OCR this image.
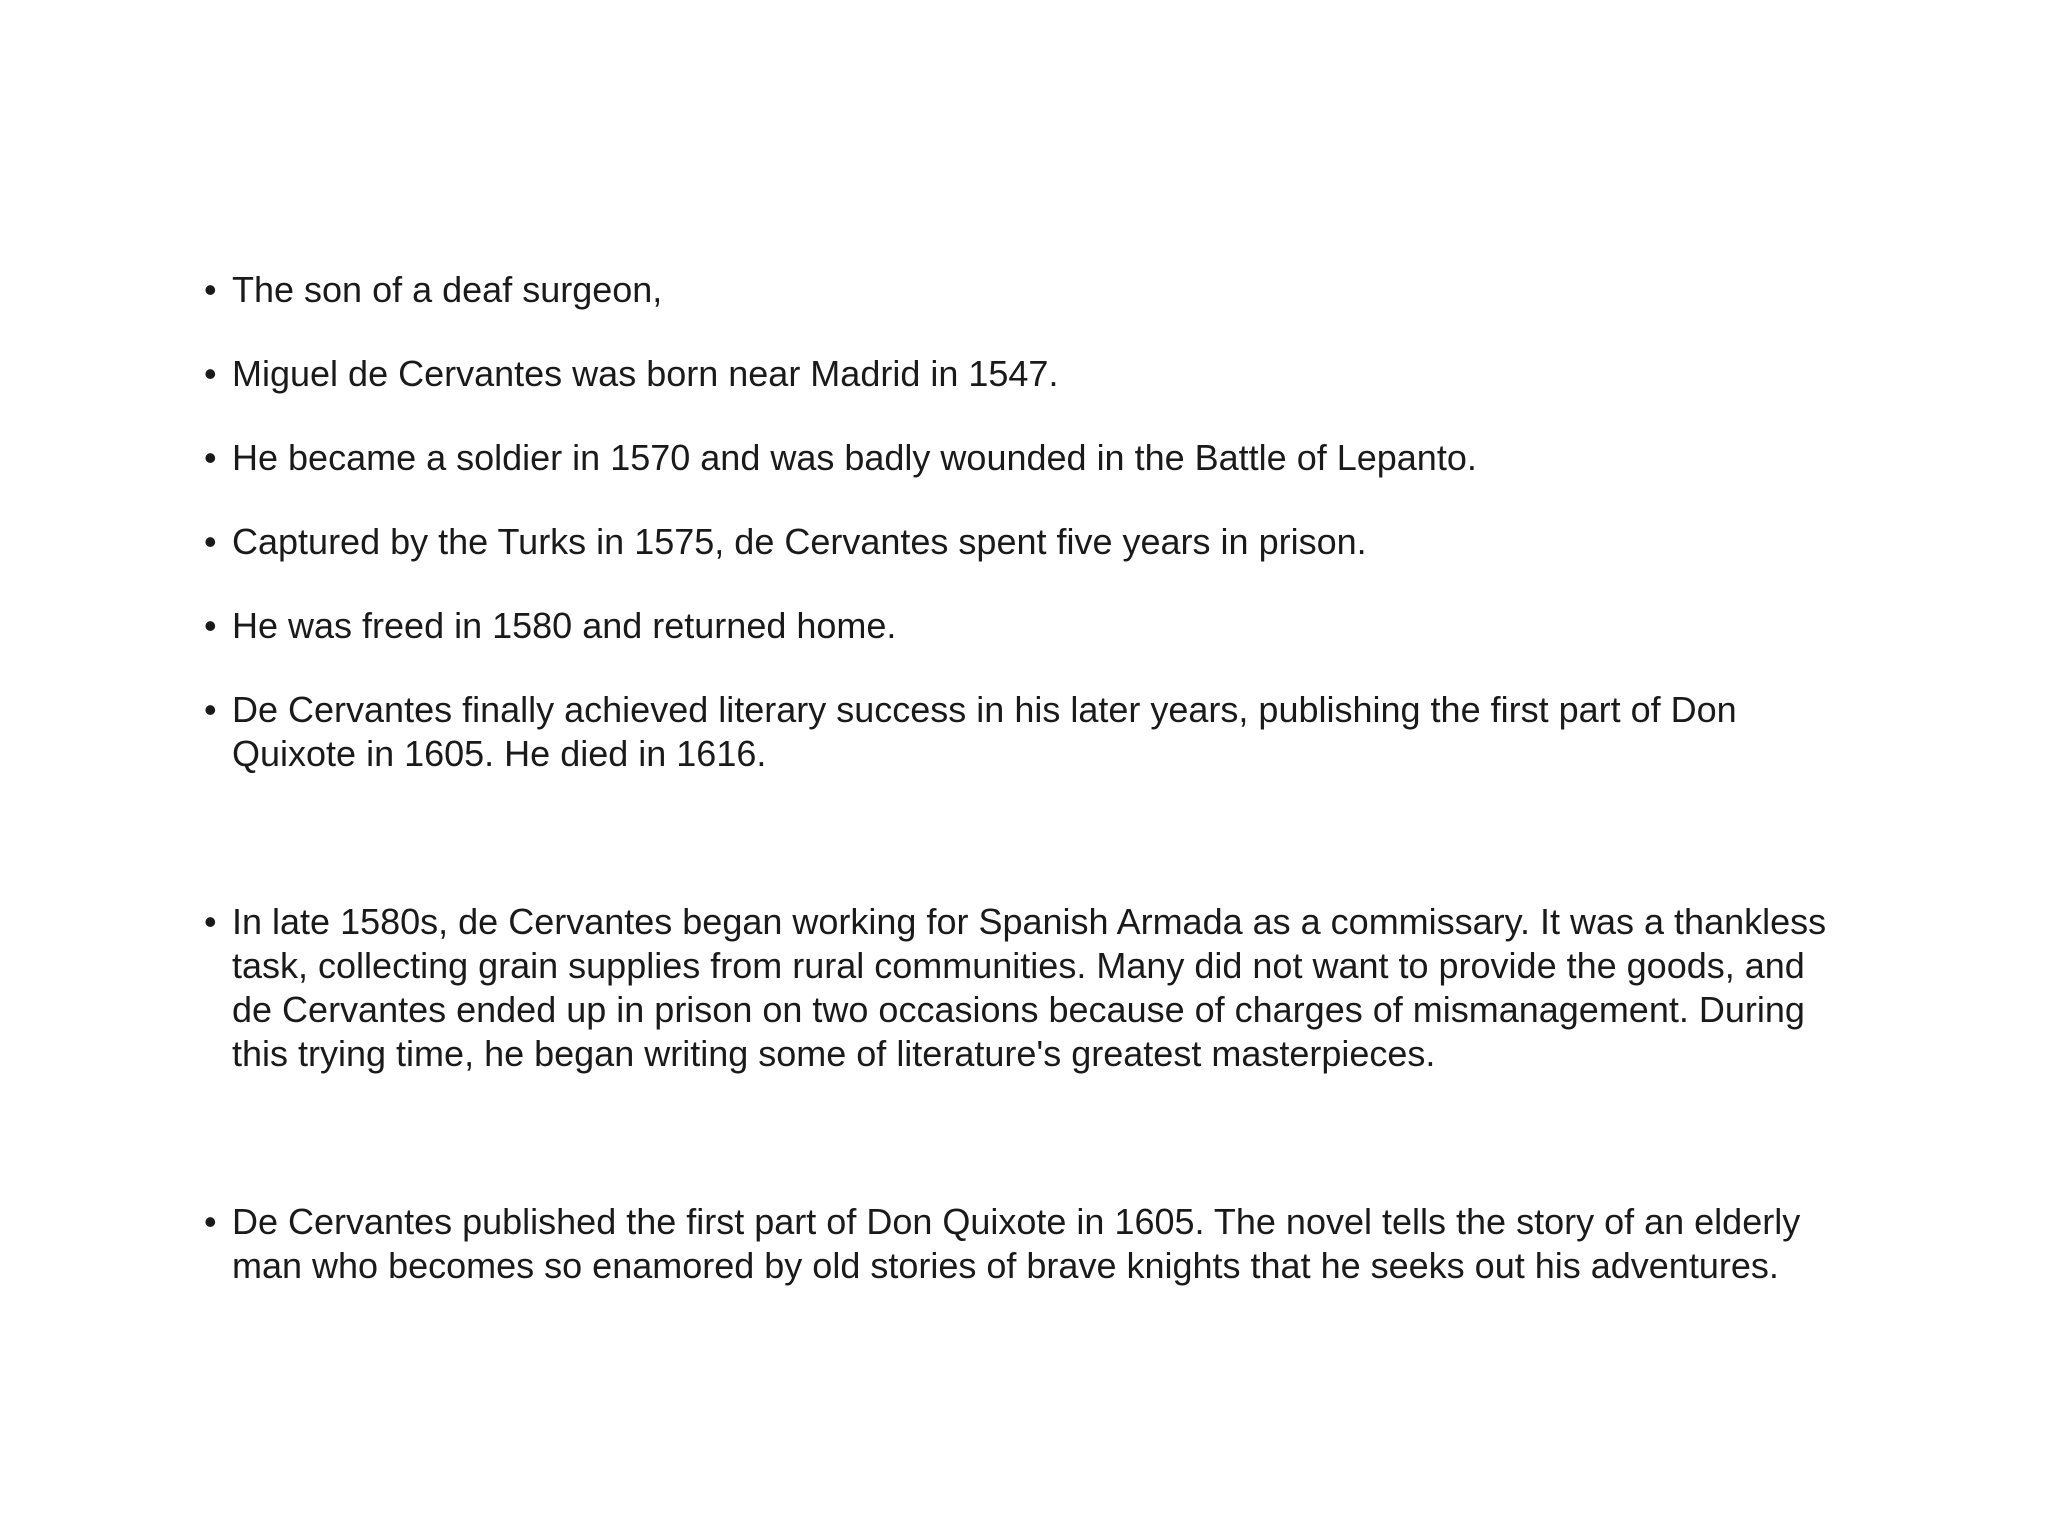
• The son of a deaf surgeon,
• Miguel de Cervantes was born near Madrid in 1547.
• He became a soldier in 1570 and was badly wounded in the Battle of Lepanto.
• Captured by the Turks in 1575, de Cervantes spent five years in prison.
• He was freed in 1580 and returned home.
• De Cervantes finally achieved literary success in his later years, publishing the first part of Don
Quixote in 1605. He died in 1616.
• In late 1580s, de Cervantes began working for Spanish Armada as a commissary. It was a thankless
task, collecting grain supplies from rural communities. Many did not want to provide the goods, and
de Cervantes ended up in prison on two occasions because of charges of mismanagement. During
this trying time, he began writing some of literature's greatest masterpieces.
• De Cervantes published the first part of Don Quixote in 1605. The novel tells the story of an elderly
man who becomes so enamored by old stories of brave knights that he seeks out his adventures.
